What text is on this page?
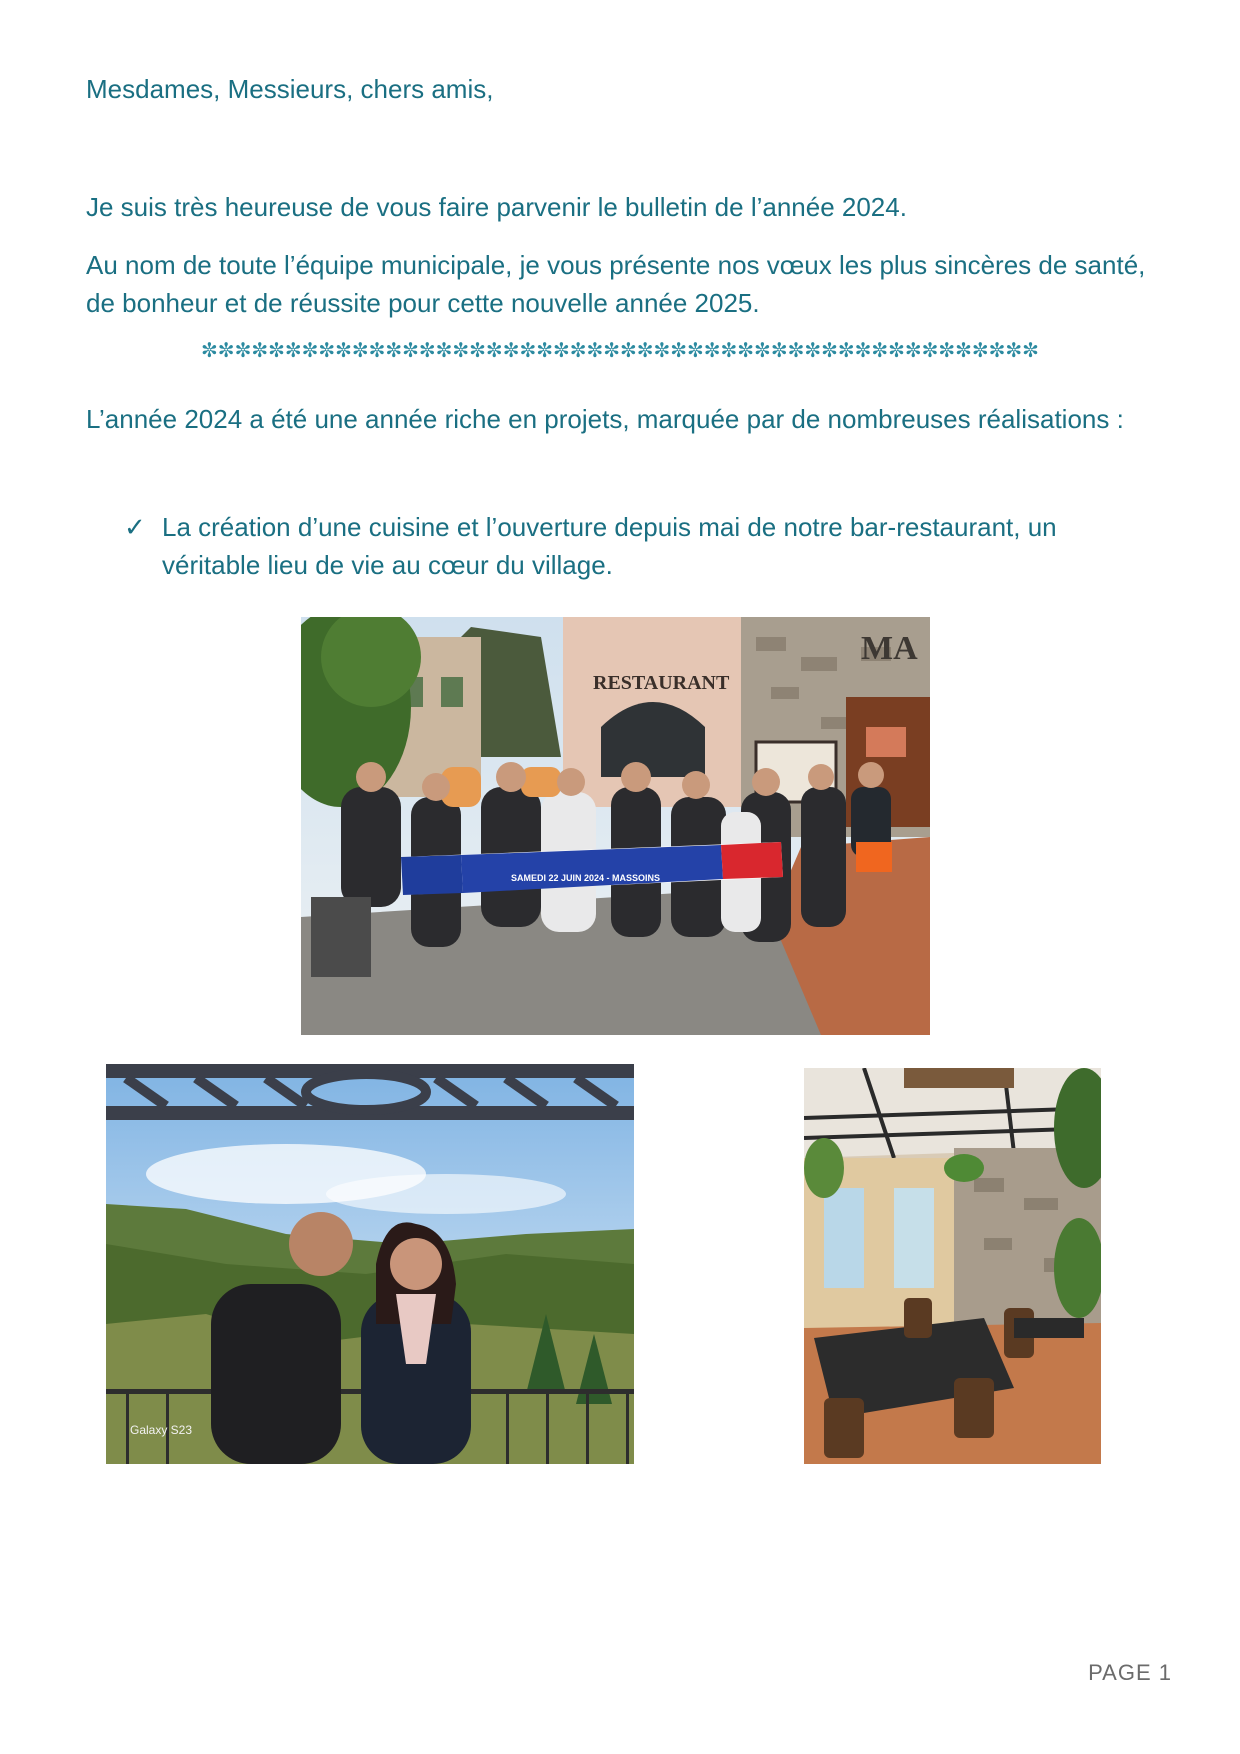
Mesdames, Messieurs, chers amis,
Je suis très heureuse de vous faire parvenir le bulletin de l’année 2024.
Au nom de toute l’équipe municipale, je vous présente nos vœux les plus sincères de santé, de bonheur et de réussite pour cette nouvelle année 2025.
✼✼✼✼✼✼✼✼✼✼✼✼✼✼✼✼✼✼✼✼✼✼✼✼✼✼✼✼✼✼✼✼✼✼✼✼✼✼✼✼✼✼✼✼✼✼✼✼✼✼
L’année 2024 a été une année riche en projets, marquée par de nombreuses réalisations :
✓ La création d’une cuisine et l’ouverture depuis mai de notre bar-restaurant, un véritable lieu de vie au cœur du village.
RESTAURANT
MA
SAMEDI 22 JUIN 2024 - MASSOINS
Galaxy S23
PAGE 1
